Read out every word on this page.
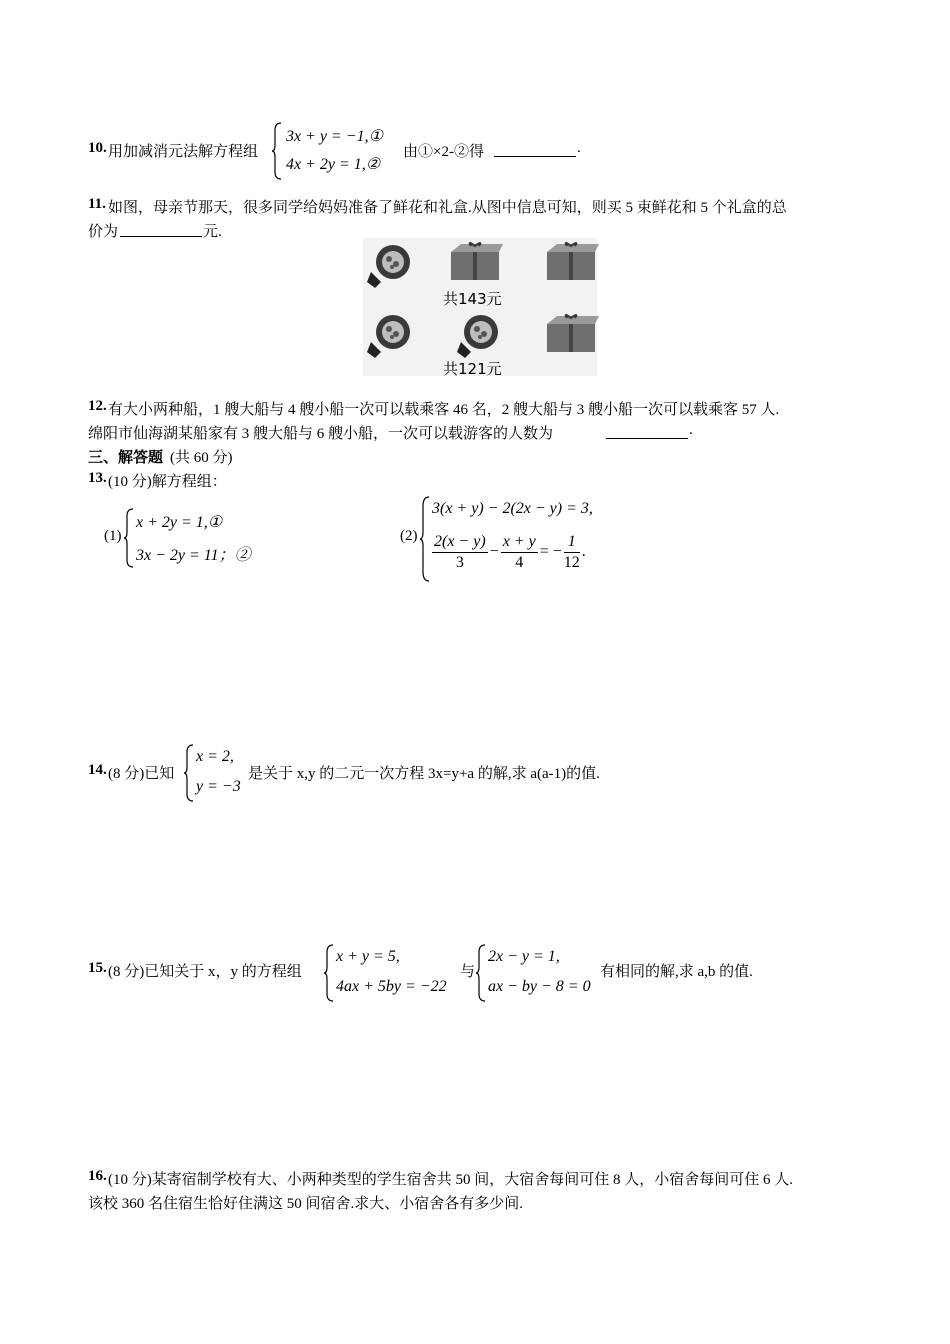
10. 用加减消元法解方程组
3x + y = −1,①
4x + 2y = 1,②
由①×2-②得	.
11. 如图，母亲节那天，很多同学给妈妈准备了鲜花和礼盒.从图中信息可知，则买 5 束鲜花和 5 个礼盒的总
价为	元.
共143元
共121元
12. 有大小两种船，1 艘大船与 4 艘小船一次可以载乘客 46 名，2 艘大船与 3 艘小船一次可以载乘客 57 人.
绵阳市仙海湖某船家有 3 艘大船与 6 艘小船，一次可以载游客的人数为	.
三、解答题 (共 60 分)
13. (10 分)解方程组：
(1)
x + 2y = 1,①
3x − 2y = 11；②
(2)
3(x + y) − 2(2x − y) = 3,
$\frac{2(x - y)}{3} - \frac{x + y}{4}$ = − $\frac{1}{12}$ .
14. (8 分)已知
x = 2,
y = −3
是关于 x,y 的二元一次方程 3x=y+a 的解,求 a(a-1)的值.
15. (8 分)已知关于 x，y 的方程组
x + y = 5,
4ax + 5by = −22
与
2x − y = 1,
ax − by − 8 = 0
有相同的解,求 a,b 的值.
16. (10 分)某寄宿制学校有大、小两种类型的学生宿舍共 50 间，大宿舍每间可住 8 人，小宿舍每间可住 6 人.
该校 360 名住宿生恰好住满这 50 间宿舍.求大、小宿舍各有多少间.
